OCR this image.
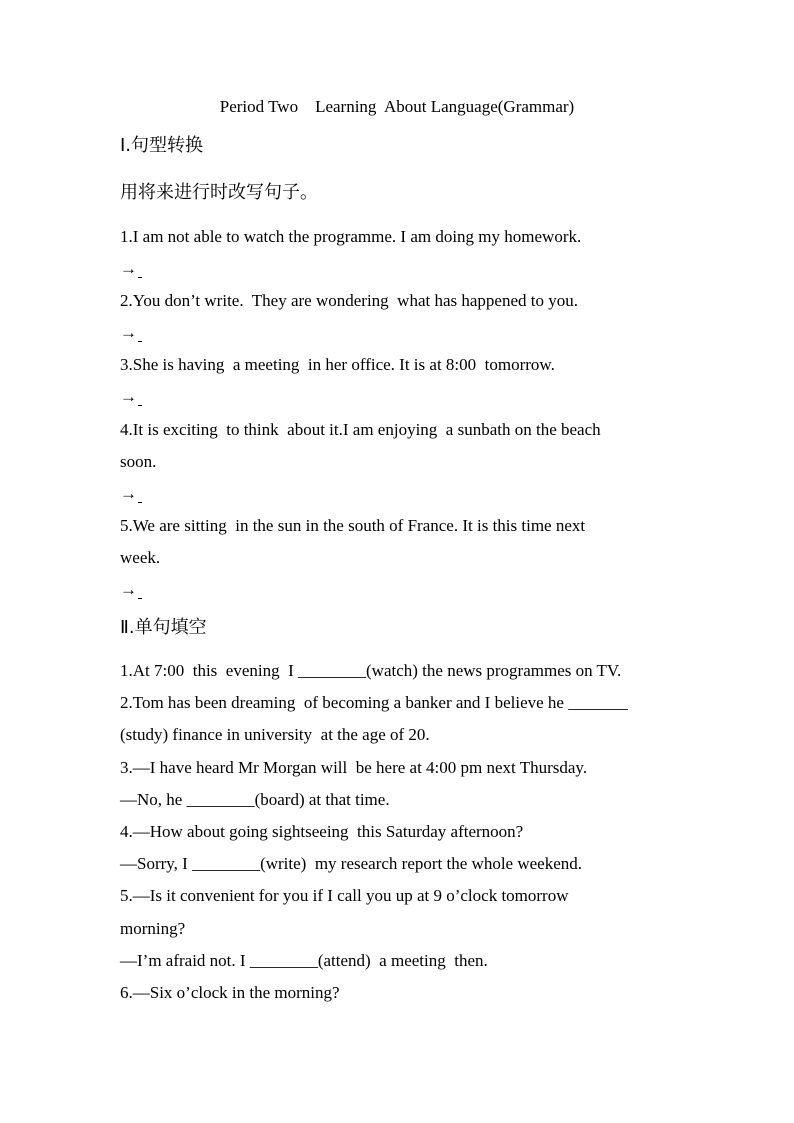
Period Two    Learning  About Language(Grammar)
Ⅰ.句型转换
用将来进行时改写句子。
1.I am not able to watch the programme. I am doing my homework.
→
2.You don’t write.  They are wondering  what has happened to you.
→
3.She is having  a meeting  in her office. It is at 8:00  tomorrow.
→
4.It is exciting  to think  about it.I am enjoying  a sunbath on the beach
soon.
→
5.We are sitting  in the sun in the south of France. It is this time next
week.
→
Ⅱ.单句填空
1.At 7:00  this  evening  I ________(watch) the news programmes on TV.
2.Tom has been dreaming  of becoming a banker and I believe he _______
(study) finance in university  at the age of 20.
3.—I have heard Mr Morgan will  be here at 4:00 pm next Thursday.
—No, he ________(board) at that time.
4.—How about going sightseeing  this Saturday afternoon?
—Sorry, I ________(write)  my research report the whole weekend.
5.—Is it convenient for you if I call you up at 9 o’clock tomorrow
morning?
—I’m afraid not. I ________(attend)  a meeting  then.
6.—Six o’clock in the morning?
